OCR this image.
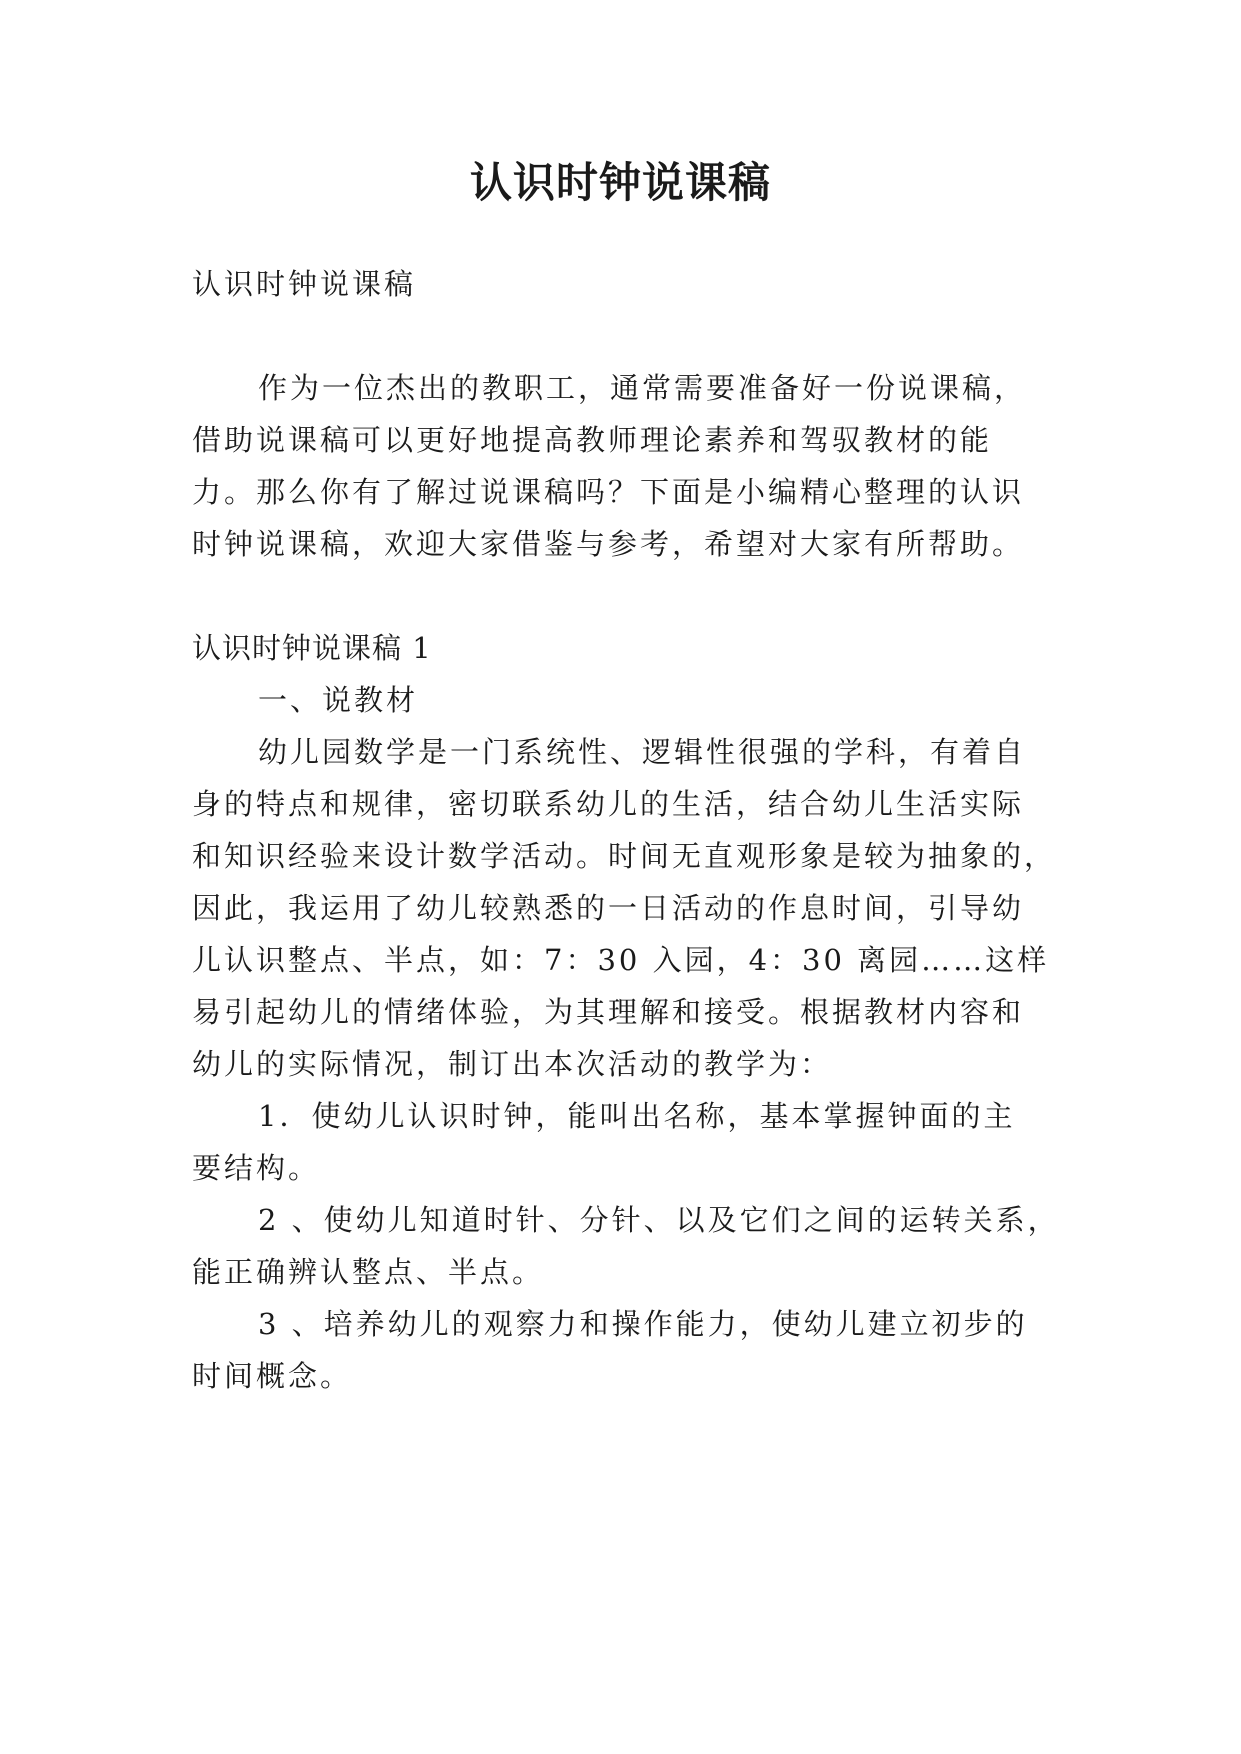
认识时钟说课稿
认识时钟说课稿
作为一位杰出的教职工，通常需要准备好一份说课稿，
借助说课稿可以更好地提高教师理论素养和驾驭教材的能
力。那么你有了解过说课稿吗？下面是小编精心整理的认识
时钟说课稿，欢迎大家借鉴与参考，希望对大家有所帮助。
认识时钟说课稿 1
一、说教材
幼儿园数学是一门系统性、逻辑性很强的学科，有着自
身的特点和规律，密切联系幼儿的生活，结合幼儿生活实际
和知识经验来设计数学活动。时间无直观形象是较为抽象的，
因此，我运用了幼儿较熟悉的一日活动的作息时间，引导幼
儿认识整点、半点，如：7：30 入园，4：30 离园……这样
易引起幼儿的情绪体验，为其理解和接受。根据教材内容和
幼儿的实际情况，制订出本次活动的教学为：
1．使幼儿认识时钟，能叫出名称，基本掌握钟面的主
要结构。
2 、使幼儿知道时针、分针、以及它们之间的运转关系，
能正确辨认整点、半点。
3 、培养幼儿的观察力和操作能力，使幼儿建立初步的
时间概念。
